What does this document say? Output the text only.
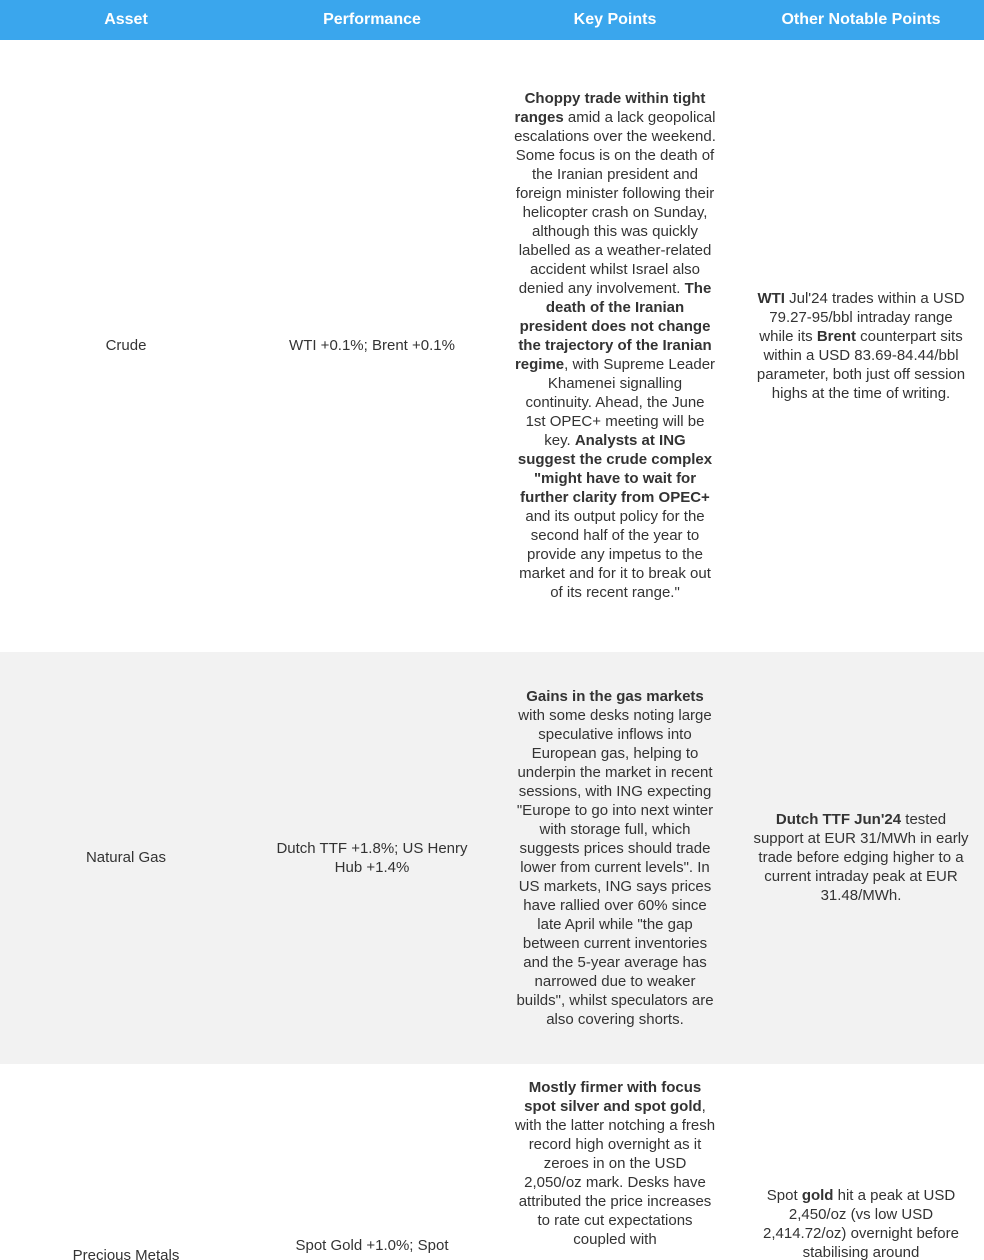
Asset	Performance	Key Points	Other Notable Points
Crude	WTI +0.1%; Brent +0.1%	Choppy trade within tight ranges amid a lack geopolical escalations over the weekend. Some focus is on the death of the Iranian president and foreign minister following their helicopter crash on Sunday, although this was quickly labelled as a weather-related accident whilst Israel also denied any involvement. The death of the Iranian president does not change the trajectory of the Iranian regime, with Supreme Leader Khamenei signalling continuity. Ahead, the June 1st OPEC+ meeting will be key. Analysts at ING suggest the crude complex "might have to wait for further clarity from OPEC+ and its output policy for the second half of the year to provide any impetus to the market and for it to break out of its recent range."	WTI Jul'24 trades within a USD 79.27-95/bbl intraday range while its Brent counterpart sits within a USD 83.69-84.44/bbl parameter, both just off session highs at the time of writing.
Natural Gas	Dutch TTF +1.8%; US Henry Hub +1.4%	Gains in the gas markets with some desks noting large speculative inflows into European gas, helping to underpin the market in recent sessions, with ING expecting "Europe to go into next winter with storage full, which suggests prices should trade lower from current levels". In US markets, ING says prices have rallied over 60% since late April while "the gap between current inventories and the 5-year average has narrowed due to weaker builds", whilst speculators are also covering shorts.	Dutch TTF Jun'24 tested support at EUR 31/MWh in early trade before edging higher to a current intraday peak at EUR 31.48/MWh.
Precious Metals	Spot Gold +1.0%; Spot	Mostly firmer with focus spot silver and spot gold, with the latter notching a fresh record high overnight as it zeroes in on the USD 2,050/oz mark. Desks have attributed the price increases to rate cut expectations coupled with	Spot gold hit a peak at USD 2,450/oz (vs low USD 2,414.72/oz) overnight before stabilising around
